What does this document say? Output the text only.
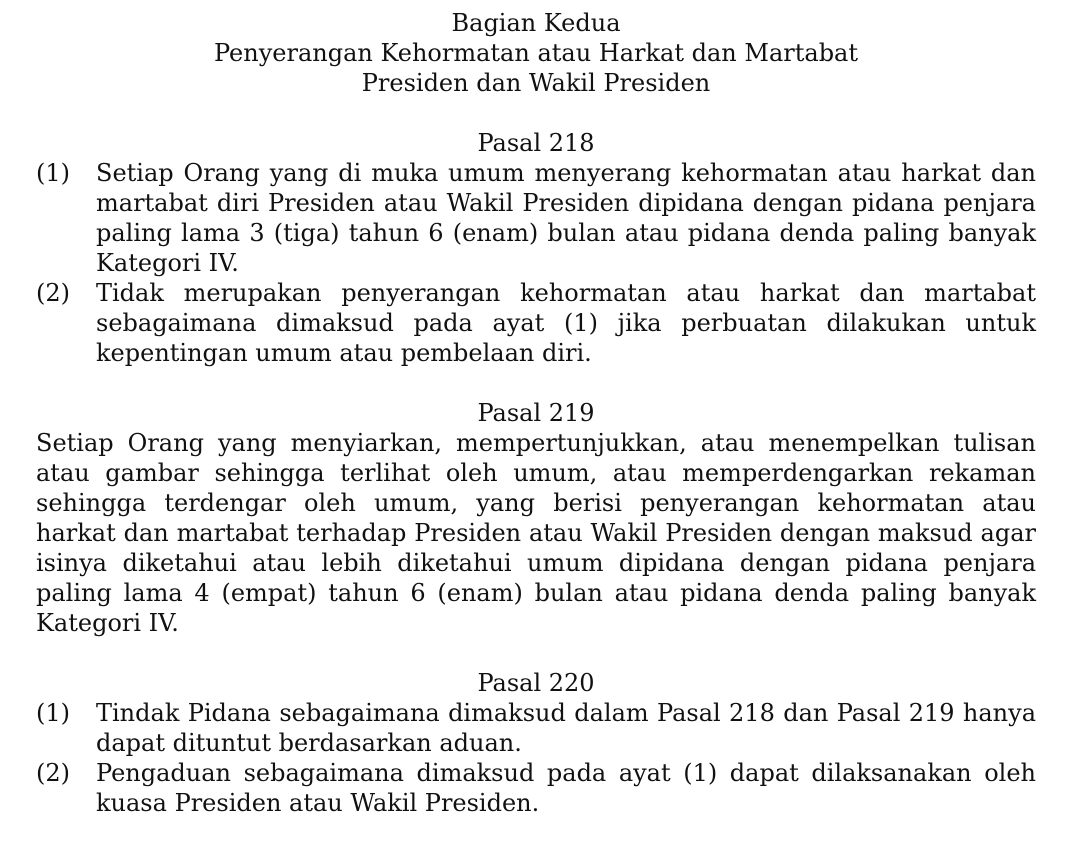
Bagian Kedua
Penyerangan Kehormatan atau Harkat dan Martabat
Presiden dan Wakil Presiden
Pasal 218
(1)	Setiap Orang yang di muka umum menyerang kehormatan atau harkat dan martabat diri Presiden atau Wakil Presiden dipidana dengan pidana penjara paling lama 3 (tiga) tahun 6 (enam) bulan atau pidana denda paling banyak Kategori IV.
(2)	Tidak merupakan penyerangan kehormatan atau harkat dan martabat sebagaimana dimaksud pada ayat (1) jika perbuatan dilakukan untuk kepentingan umum atau pembelaan diri.
Pasal 219
Setiap Orang yang menyiarkan, mempertunjukkan, atau menempelkan tulisan atau gambar sehingga terlihat oleh umum, atau memperdengarkan rekaman sehingga terdengar oleh umum, yang berisi penyerangan kehormatan atau harkat dan martabat terhadap Presiden atau Wakil Presiden dengan maksud agar isinya diketahui atau lebih diketahui umum dipidana dengan pidana penjara paling lama 4 (empat) tahun 6 (enam) bulan atau pidana denda paling banyak Kategori IV.
Pasal 220
(1)	Tindak Pidana sebagaimana dimaksud dalam Pasal 218 dan Pasal 219 hanya dapat dituntut berdasarkan aduan.
(2)	Pengaduan sebagaimana dimaksud pada ayat (1) dapat dilaksanakan oleh kuasa Presiden atau Wakil Presiden.
